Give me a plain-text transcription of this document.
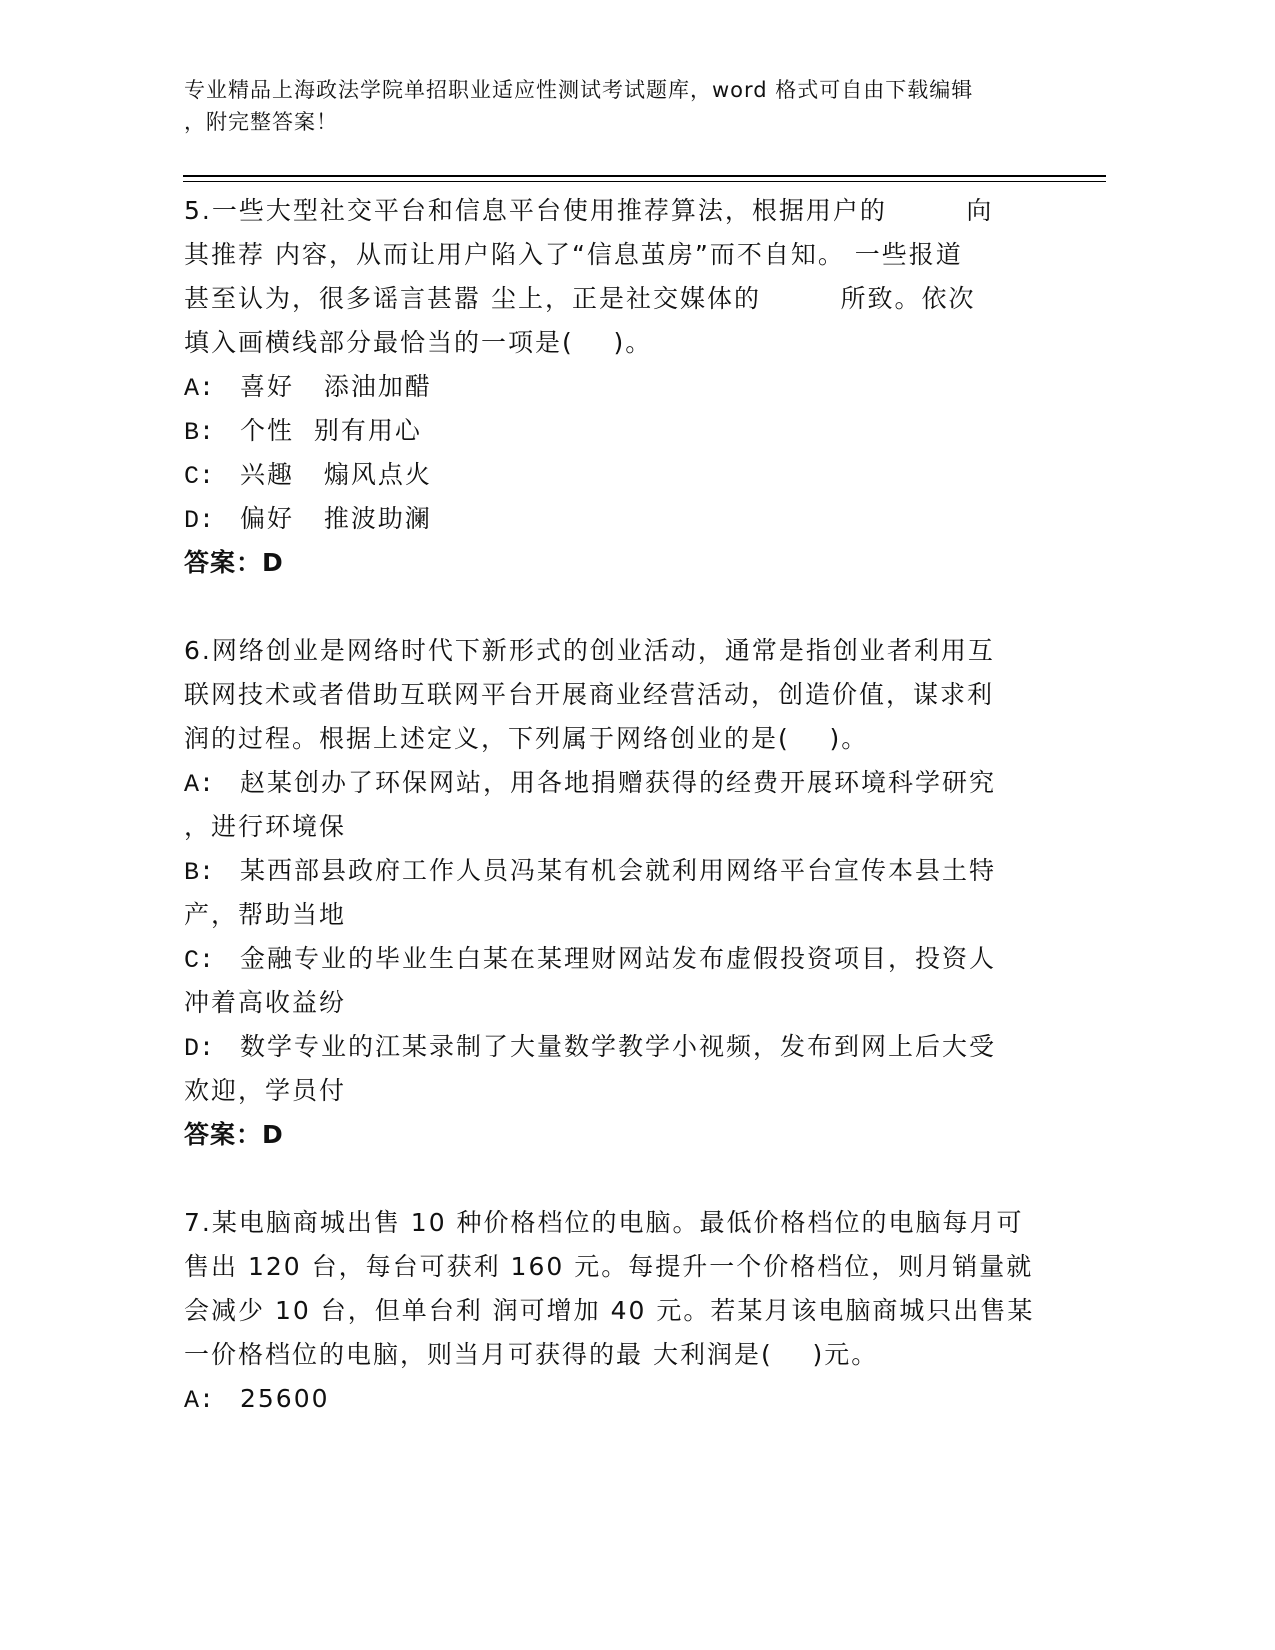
专业精品上海政法学院单招职业适应性测试考试题库，word 格式可自由下载编辑
，附完整答案！
5.一些大型社交平台和信息平台使用推荐算法，根据用户的        向
其推荐 内容，从而让用户陷入了“信息茧房”而不自知。 一些报道
甚至认为，很多谣言甚嚣 尘上，正是社交媒体的        所致。依次
填入画横线部分最恰当的一项是(    )。
A: 喜好   添油加醋
B: 个性  别有用心
C: 兴趣   煽风点火
D: 偏好   推波助澜
答案：D
6.网络创业是网络时代下新形式的创业活动，通常是指创业者利用互
联网技术或者借助互联网平台开展商业经营活动，创造价值，谋求利
润的过程。根据上述定义，下列属于网络创业的是(    )。
A: 赵某创办了环保网站，用各地捐赠获得的经费开展环境科学研究
，进行环境保
B: 某西部县政府工作人员冯某有机会就利用网络平台宣传本县土特
产，帮助当地
C: 金融专业的毕业生白某在某理财网站发布虚假投资项目，投资人
冲着高收益纷
D: 数学专业的江某录制了大量数学教学小视频，发布到网上后大受
欢迎，学员付
答案：D
7.某电脑商城出售 10 种价格档位的电脑。最低价格档位的电脑每月可
售出 120 台，每台可获利 160 元。每提升一个价格档位，则月销量就
会减少 10 台，但单台利 润可增加 40 元。若某月该电脑商城只出售某
一价格档位的电脑，则当月可获得的最 大利润是(    )元。
A: 25600
